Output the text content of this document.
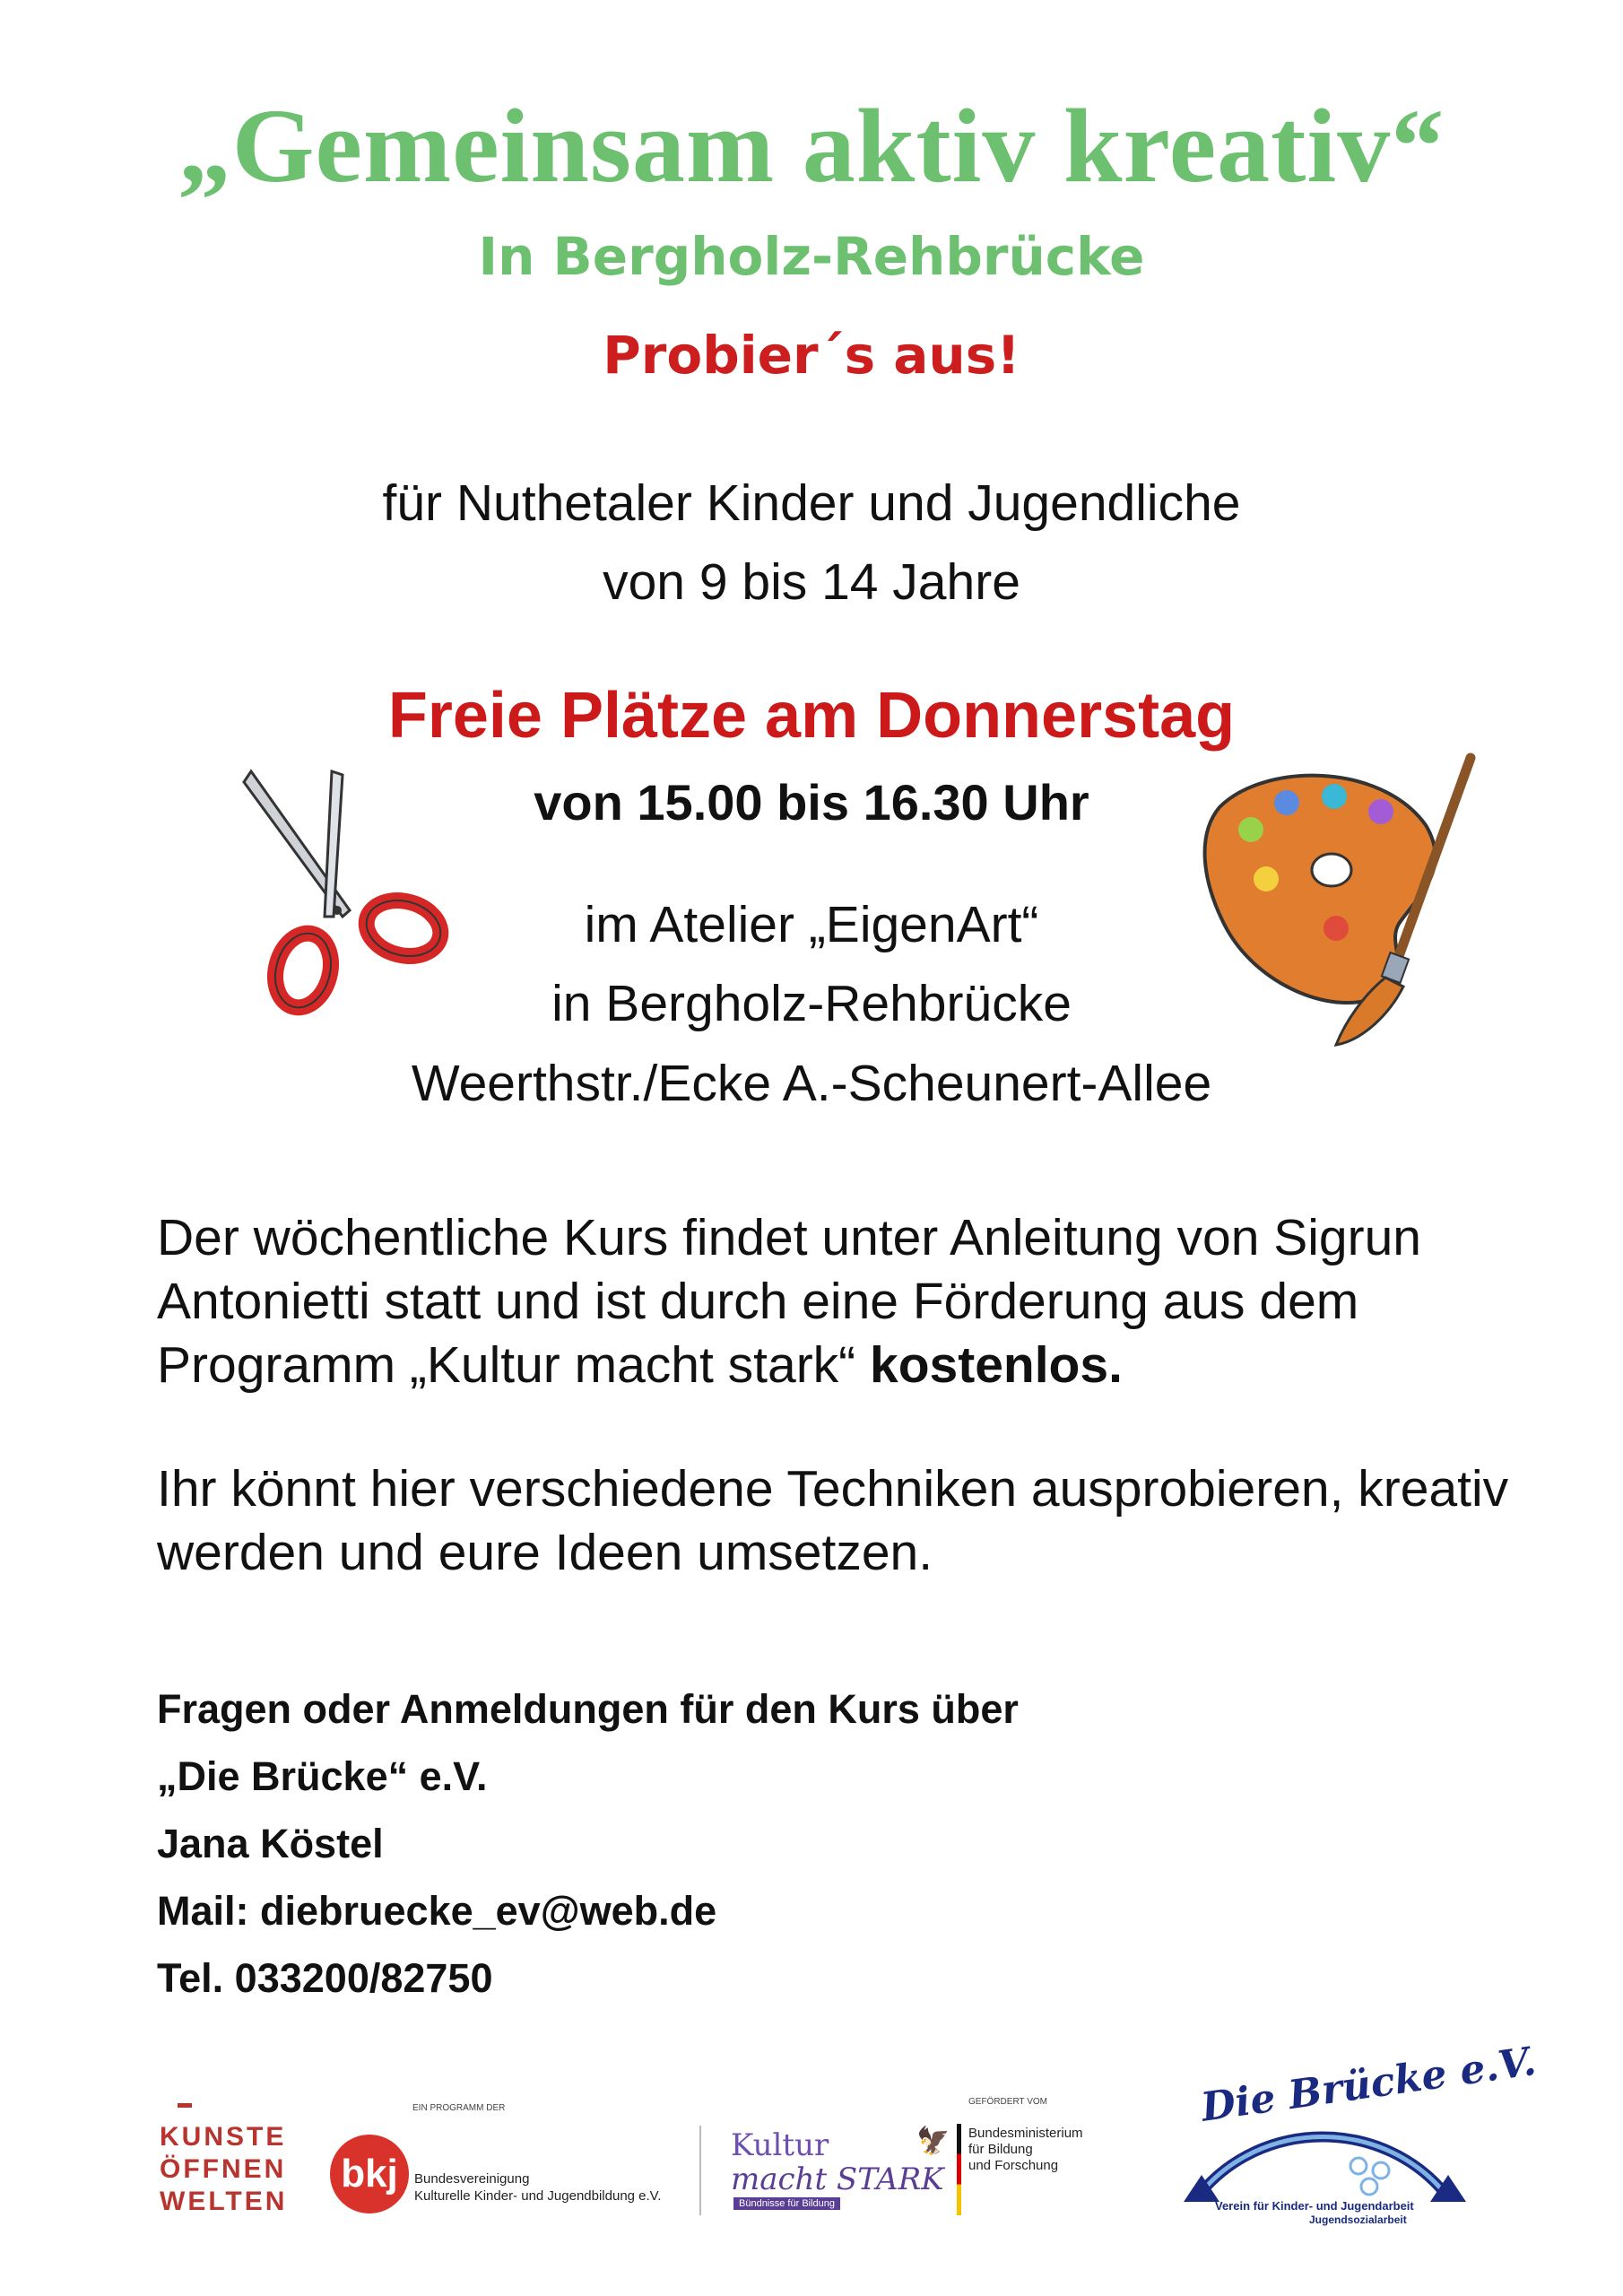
„Gemeinsam aktiv kreativ“
In Bergholz-Rehbrücke
Probier´s aus!
für Nuthetaler Kinder und Jugendliche
von 9 bis 14 Jahre
Freie Plätze am Donnerstag
von 15.00 bis 16.30 Uhr
im Atelier „EigenArt“
in Bergholz-Rehbrücke
Weerthstr./Ecke A.-Scheunert-Allee
Der wöchentliche Kurs findet unter Anleitung von Sigrun Antonietti statt und ist durch eine Förderung aus dem Programm „Kultur macht stark“ kostenlos.
Ihr könnt hier verschiedene Techniken ausprobieren, kreativ werden und eure Ideen umsetzen.
Fragen oder Anmeldungen für den Kurs über
„Die Brücke“ e.V.
Jana Köstel
Mail: diebruecke_ev@web.de
Tel. 033200/82750
KUNSTE
ÖFFNEN
WELTEN
EIN PROGRAMM DER
bkj	Bundesvereinigung
Kulturelle Kinder- und Jugendbildung e.V.
Kultur
macht STARK
Bündnisse für Bildung
GEFÖRDERT VOM
🦅 Bundesministerium
für Bildung
und Forschung
Die Brücke e.V.
Verein für Kinder- und Jugendarbeit
Jugendsozialarbeit
